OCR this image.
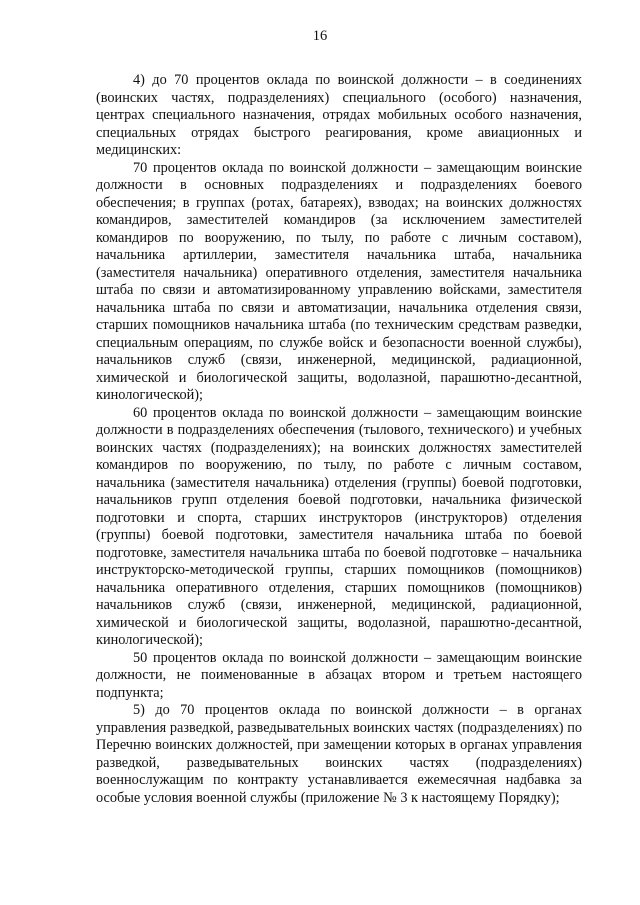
16

4) до 70 процентов оклада по воинской должности – в соединениях (воинских частях, подразделениях) специального (особого) назначения, центрах специального назначения, отрядах мобильных особого назначения, специальных отрядах быстрого реагирования, кроме авиационных и медицинских:

70 процентов оклада по воинской должности – замещающим воинские должности в основных подразделениях и подразделениях боевого обеспечения; в группах (ротах, батареях), взводах; на воинских должностях командиров, заместителей командиров (за исключением заместителей командиров по вооружению, по тылу, по работе с личным составом), начальника артиллерии, заместителя начальника штаба, начальника (заместителя начальника) оперативного отделения, заместителя начальника штаба по связи и автоматизированному управлению войсками, заместителя начальника штаба по связи и автоматизации, начальника отделения связи, старших помощников начальника штаба (по техническим средствам разведки, специальным операциям, по службе войск и безопасности военной службы), начальников служб (связи, инженерной, медицинской, радиационной, химической и биологической защиты, водолазной, парашютно-десантной, кинологической);

60 процентов оклада по воинской должности – замещающим воинские должности в подразделениях обеспечения (тылового, технического) и учебных воинских частях (подразделениях); на воинских должностях заместителей командиров по вооружению, по тылу, по работе с личным составом, начальника (заместителя начальника) отделения (группы) боевой подготовки, начальников групп отделения боевой подготовки, начальника физической подготовки и спорта, старших инструкторов (инструкторов) отделения (группы) боевой подготовки, заместителя начальника штаба по боевой подготовке, заместителя начальника штаба по боевой подготовке – начальника инструкторско-методической группы, старших помощников (помощников) начальника оперативного отделения, старших помощников (помощников) начальников служб (связи, инженерной, медицинской, радиационной, химической и биологической защиты, водолазной, парашютно-десантной, кинологической);

50 процентов оклада по воинской должности – замещающим воинские должности, не поименованные в абзацах втором и третьем настоящего подпункта;

5) до 70 процентов оклада по воинской должности – в органах управления разведкой, разведывательных воинских частях (подразделениях) по Перечню воинских должностей, при замещении которых в органах управления разведкой, разведывательных воинских частях (подразделениях) военнослужащим по контракту устанавливается ежемесячная надбавка за особые условия военной службы (приложение № 3 к настоящему Порядку);
